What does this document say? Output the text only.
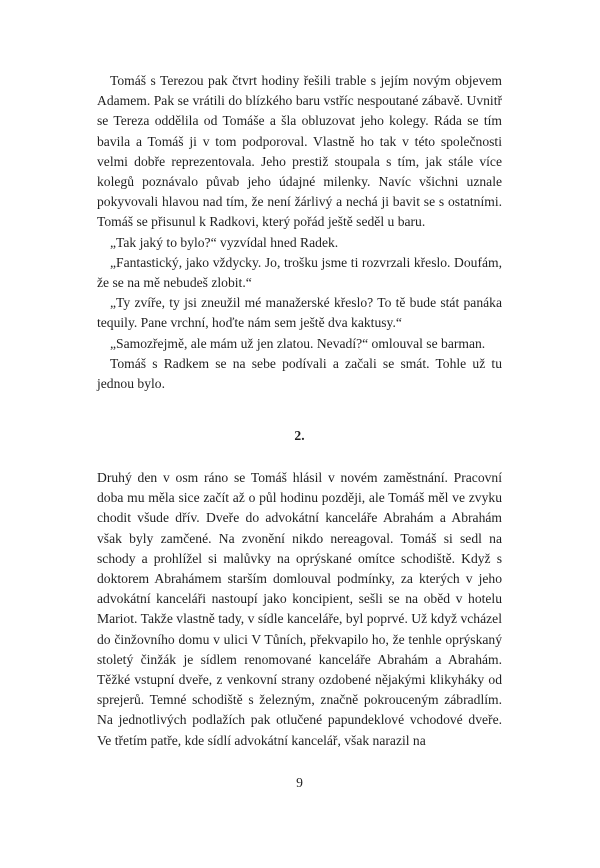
Tomáš s Terezou pak čtvrt hodiny řešili trable s jejím novým objevem Adamem. Pak se vrátili do blízkého baru vstříc nespoutané zábavě. Uvnitř se Tereza oddělila od Tomáše a šla obluzovat jeho kolegy. Ráda se tím bavila a Tomáš ji v tom podporoval. Vlastně ho tak v této společnosti velmi dobře reprezentovala. Jeho prestiž stoupala s tím, jak stále více kolegů poznávalo půvab jeho údajné milenky. Navíc všichni uznale pokyvovali hlavou nad tím, že není žárlivý a nechá ji bavit se s ostatními. Tomáš se přisunul k Radkovi, který pořád ještě seděl u baru.

„Tak jaký to bylo?“ vyzvídal hned Radek.

„Fantastický, jako vždycky. Jo, trošku jsme ti rozvrzali křeslo. Doufám, že se na mě nebudeš zlobit.“

„Ty zvíře, ty jsi zneužil mé manažerské křeslo? To tě bude stát panáka tequily. Pane vrchní, hoďte nám sem ještě dva kaktusy.“

„Samozřejmě, ale mám už jen zlatou. Nevadí?“ omlouval se barman.

Tomáš s Radkem se na sebe podívali a začali se smát. Tohle už tu jednou bylo.

2.

Druhý den v osm ráno se Tomáš hlásil v novém zaměstnání. Pracovní doba mu měla sice začít až o půl hodinu později, ale Tomáš měl ve zvyku chodit všude dřív. Dveře do advokátní kanceláře Abrahám a Abrahám však byly zamčené. Na zvonění nikdo nereagoval. Tomáš si sedl na schody a prohlížel si malůvky na oprýskané omítce schodiště. Když s doktorem Abrahámem starším domlouval podmínky, za kterých v jeho advokátní kanceláři nastoupí jako koncipient, sešli se na oběd v hotelu Mariot. Takže vlastně tady, v sídle kanceláře, byl poprvé. Už když vcházel do činžovního domu v ulici V Tůních, překvapilo ho, že tenhle oprýskaný stoletý činžák je sídlem renomované kanceláře Abrahám a Abrahám. Těžké vstupní dveře, z venkovní strany ozdobené nějakými klikyháky od sprejerů. Temné schodiště s železným, značně pokrouceným zábradlím. Na jednotlivých podlažích pak otlučené papundeklové vchodové dveře. Ve třetím patře, kde sídlí advokátní kancelář, však narazil na

9
